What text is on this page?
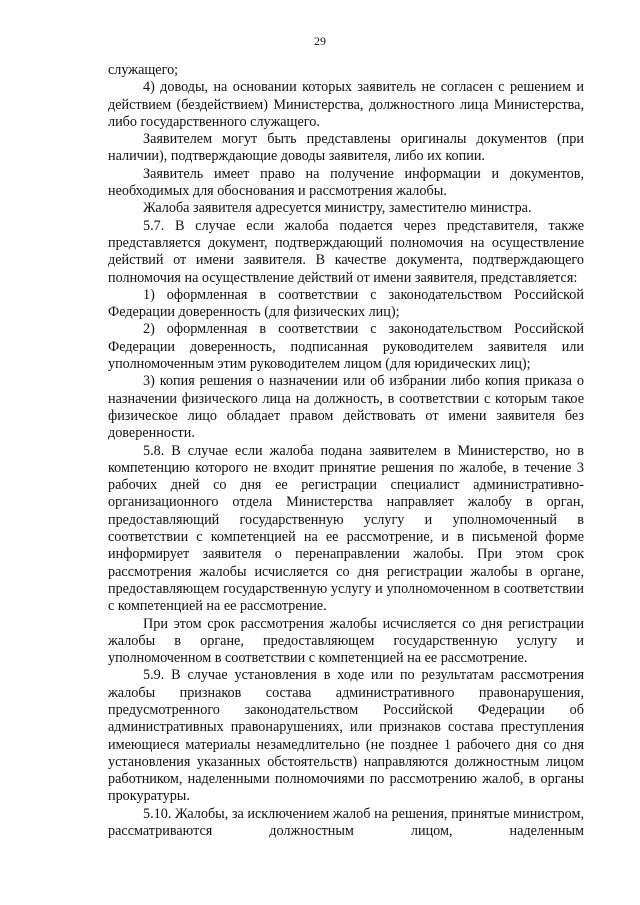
29

служащего;

4) доводы, на основании которых заявитель не согласен с решением и действием (бездействием) Министерства, должностного лица Министерства, либо государственного служащего.

Заявителем могут быть представлены оригиналы документов (при наличии), подтверждающие доводы заявителя, либо их копии.

Заявитель имеет право на получение информации и документов, необходимых для обоснования и рассмотрения жалобы.

Жалоба заявителя адресуется министру, заместителю министра.

5.7. В случае если жалоба подается через представителя, также представляется документ, подтверждающий полномочия на осуществление действий от имени заявителя. В качестве документа, подтверждающего полномочия на осуществление действий от имени заявителя, представляется:

1) оформленная в соответствии с законодательством Российской Федерации доверенность (для физических лиц);

2) оформленная в соответствии с законодательством Российской Федерации доверенность, подписанная руководителем заявителя или уполномоченным этим руководителем лицом (для юридических лиц);

3) копия решения о назначении или об избрании либо копия приказа о назначении физического лица на должность, в соответствии с которым такое физическое лицо обладает правом действовать от имени заявителя без доверенности.

5.8. В случае если жалоба подана заявителем в Министерство, но в компетенцию которого не входит принятие решения по жалобе, в течение 3 рабочих дней со дня ее регистрации специалист административно-организационного отдела Министерства направляет жалобу в орган, предоставляющий государственную услугу и уполномоченный в соответствии с компетенцией на ее рассмотрение, и в письменой форме информирует заявителя о перенаправлении жалобы. При этом срок рассмотрения жалобы исчисляется со дня регистрации жалобы в органе, предоставляющем государственную услугу и уполномоченном в соответствии с компетенцией на ее рассмотрение.

При этом срок рассмотрения жалобы исчисляется со дня регистрации жалобы в органе, предоставляющем государственную услугу и уполномоченном в соответствии с компетенцией на ее рассмотрение.

5.9. В случае установления в ходе или по результатам рассмотрения жалобы признаков состава административного правонарушения, предусмотренного законодательством Российской Федерации об административных правонарушениях, или признаков состава преступления имеющиеся материалы незамедлительно (не позднее 1 рабочего дня со дня установления указанных обстоятельств) направляются должностным лицом работником, наделенными полномочиями по рассмотрению жалоб, в органы прокуратуры.

5.10. Жалобы, за исключением жалоб на решения, принятые министром, рассматриваются должностным лицом, наделенным
